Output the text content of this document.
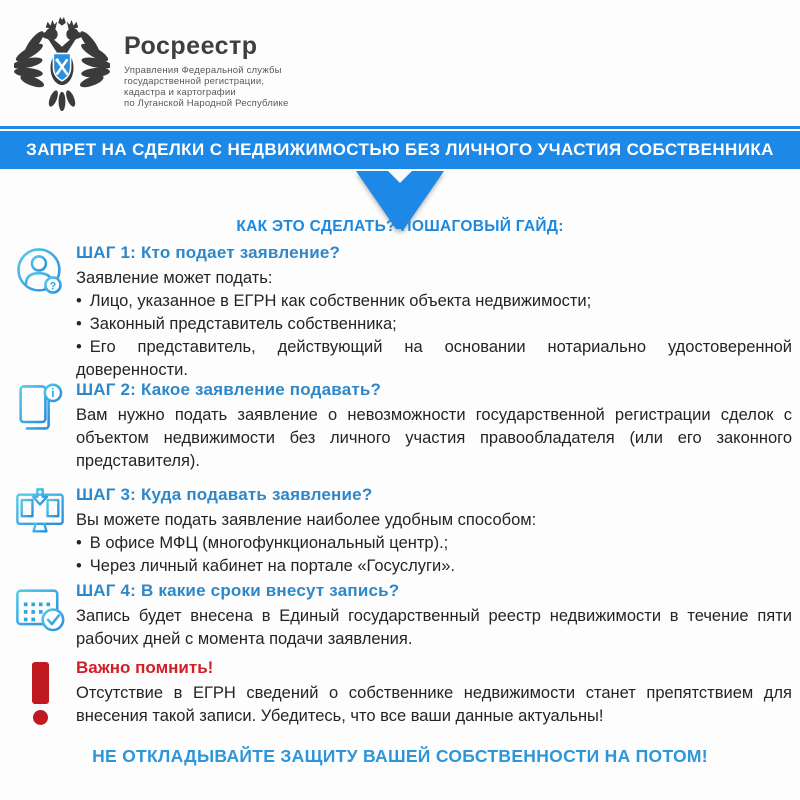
Росреестр
Управления Федеральной службы
государственной регистрации,
кадастра и картографии
по Луганской Народной Республике
ЗАПРЕТ НА СДЕЛКИ С НЕДВИЖИМОСТЬЮ БЕЗ ЛИЧНОГО УЧАСТИЯ СОБСТВЕННИКА
КАК ЭТО СДЕЛАТЬ? ПОШАГОВЫЙ ГАЙД:
?
ШАГ 1: Кто подает заявление?
Заявление может подать:
• Лицо, указанное в ЕГРН как собственник объекта недвижимости;
• Законный представитель собственника;
• Его представитель, действующий на основании нотариально удостоверенной доверенности.
i ШАГ 2: Какое заявление подавать?
Вам нужно подать заявление о невозможности государственной регистрации сделок с объектом недвижимости без личного участия правообладателя (или его законного представителя).
ШАГ 3: Куда подавать заявление?
Вы можете подать заявление наиболее удобным способом:
• В офисе МФЦ (многофункциональный центр).;
• Через личный кабинет на портале «Госуслуги».
ШАГ 4: В какие сроки внесут запись?
Запись будет внесена в Единый государственный реестр недвижимости в течение пяти рабочих дней с момента подачи заявления.
Важно помнить!
Отсутствие в ЕГРН сведений о собственнике недвижимости станет препятствием для внесения такой записи. Убедитесь, что все ваши данные актуальны!
НЕ ОТКЛАДЫВАЙТЕ ЗАЩИТУ ВАШЕЙ СОБСТВЕННОСТИ НА ПОТОМ!
